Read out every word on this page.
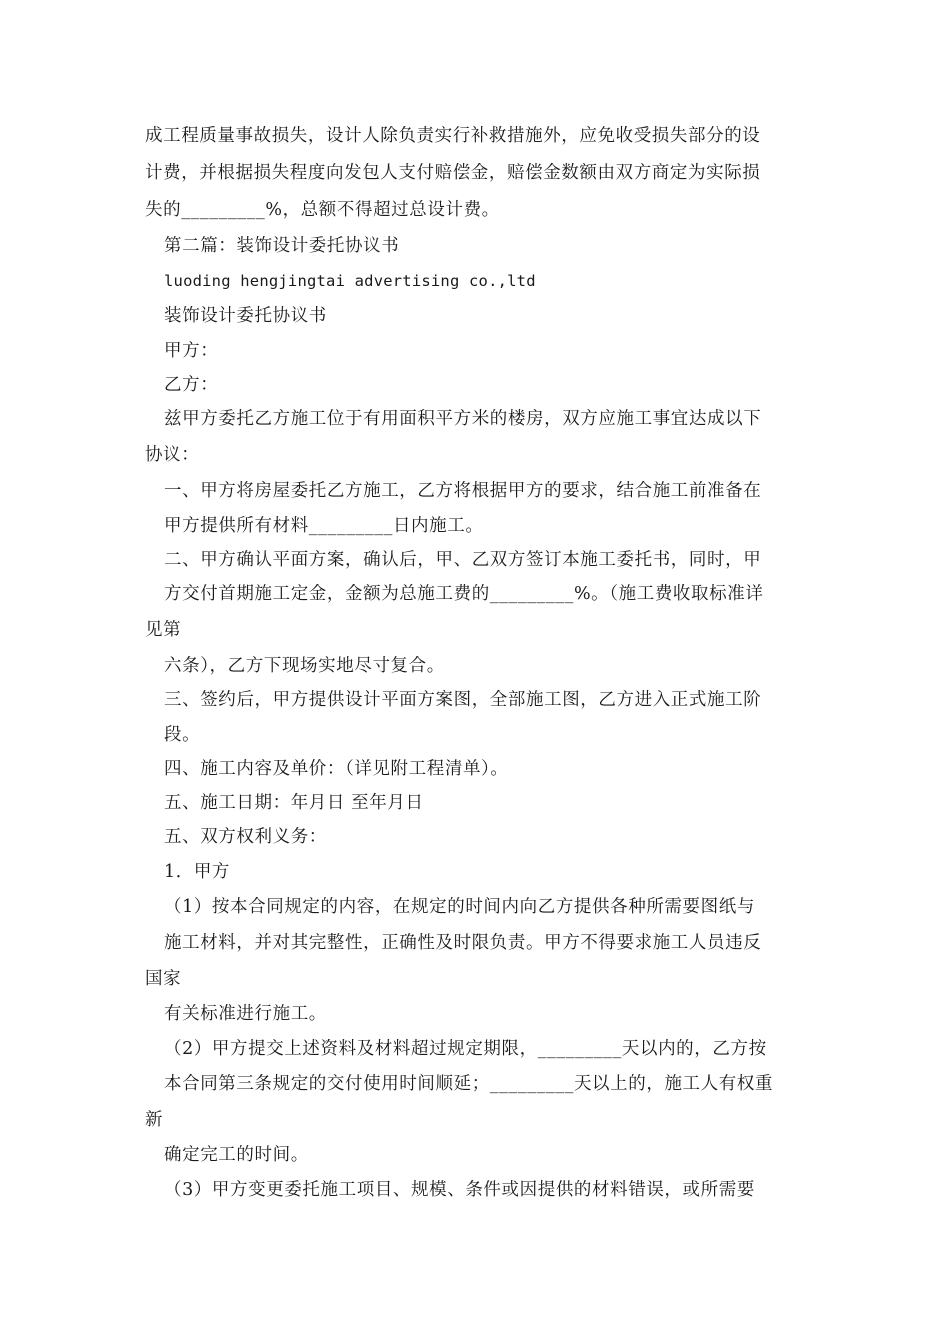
成工程质量事故损失，设计人除负责实行补救措施外，应免收受损失部分的设
计费，并根据损失程度向发包人支付赔偿金，赔偿金数额由双方商定为实际损
失的_________%，总额不得超过总设计费。
第二篇：装饰设计委托协议书
luoding hengjingtai advertising co.,ltd
装饰设计委托协议书
甲方：
乙方：
兹甲方委托乙方施工位于有用面积平方米的楼房，双方应施工事宜达成以下
协议：
一、甲方将房屋委托乙方施工，乙方将根据甲方的要求，结合施工前准备在
甲方提供所有材料_________日内施工。
二、甲方确认平面方案，确认后，甲、乙双方签订本施工委托书，同时，甲
方交付首期施工定金，金额为总施工费的_________%。（施工费收取标准详
见第
六条），乙方下现场实地尽寸复合。
三、签约后，甲方提供设计平面方案图，全部施工图，乙方进入正式施工阶
段。
四、施工内容及单价：（详见附工程清单）。
五、施工日期：年月日 至年月日
五、双方权利义务：
1．甲方
（1）按本合同规定的内容，在规定的时间内向乙方提供各种所需要图纸与
施工材料，并对其完整性，正确性及时限负责。甲方不得要求施工人员违反
国家
有关标准进行施工。
（2）甲方提交上述资料及材料超过规定期限，_________天以内的，乙方按
本合同第三条规定的交付使用时间顺延；_________天以上的，施工人有权重
新
确定完工的时间。
（3）甲方变更委托施工项目、规模、条件或因提供的材料错误，或所需要
